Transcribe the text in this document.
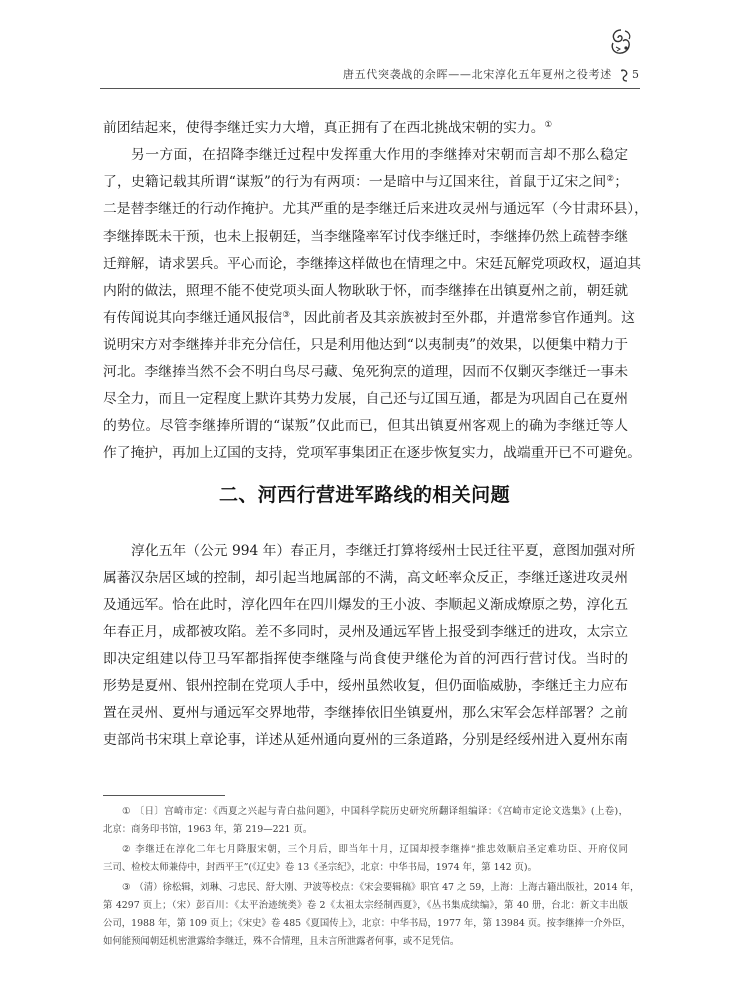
唐五代突袭战的余晖——北宋淳化五年夏州之役考述 5
前团结起来，使得李继迁实力大增，真正拥有了在西北挑战宋朝的实力。①
另一方面，在招降李继迁过程中发挥重大作用的李继捧对宋朝而言却不那么稳定
了，史籍记载其所谓“谋叛”的行为有两项：一是暗中与辽国来往，首鼠于辽宋之间②；
二是替李继迁的行动作掩护。尤其严重的是李继迁后来进攻灵州与通远军（今甘肃环县），
李继捧既未干预，也未上报朝廷，当李继隆率军讨伐李继迁时，李继捧仍然上疏替李继
迁辩解，请求罢兵。平心而论，李继捧这样做也在情理之中。宋廷瓦解党项政权，逼迫其
内附的做法，照理不能不使党项头面人物耿耿于怀，而李继捧在出镇夏州之前，朝廷就
有传闻说其向李继迁通风报信③，因此前者及其亲族被封至外郡，并遣常参官作通判。这
说明宋方对李继捧并非充分信任，只是利用他达到“以夷制夷”的效果，以便集中精力于
河北。李继捧当然不会不明白鸟尽弓藏、兔死狗烹的道理，因而不仅剿灭李继迁一事未
尽全力，而且一定程度上默许其势力发展，自己还与辽国互通，都是为巩固自己在夏州
的势位。尽管李继捧所谓的“谋叛”仅此而已，但其出镇夏州客观上的确为李继迁等人
作了掩护，再加上辽国的支持，党项军事集团正在逐步恢复实力，战端重开已不可避免。
二、河西行营进军路线的相关问题
淳化五年（公元 994 年）春正月，李继迁打算将绥州士民迁往平夏，意图加强对所
属蕃汉杂居区域的控制，却引起当地属部的不满，高文岯率众反正，李继迁遂进攻灵州
及通远军。恰在此时，淳化四年在四川爆发的王小波、李顺起义渐成燎原之势，淳化五
年春正月，成都被攻陷。差不多同时，灵州及通远军皆上报受到李继迁的进攻，太宗立
即决定组建以侍卫马军都指挥使李继隆与尚食使尹继伦为首的河西行营讨伐。当时的
形势是夏州、银州控制在党项人手中，绥州虽然收复，但仍面临威胁，李继迁主力应布
置在灵州、夏州与通远军交界地带，李继捧依旧坐镇夏州，那么宋军会怎样部署？之前
吏部尚书宋琪上章论事，详述从延州通向夏州的三条道路，分别是经绥州进入夏州东南
① 〔日〕宫崎市定：《西夏之兴起与青白盐问题》，中国科学院历史研究所翻译组编译：《宫崎市定论文选集》(上卷)，
北京：商务印书馆，1963 年，第 219—221 页。
② 李继迁在淳化二年七月降服宋朝，三个月后，即当年十月，辽国却授李继捧“推忠效顺启圣定难功臣、开府仪同
三司、检校太师兼侍中，封西平王”(《辽史》卷 13《圣宗纪》，北京：中华书局，1974 年，第 142 页)。
③ （清）徐松辑，刘琳、刁忠民、舒大刚、尹波等校点：《宋会要辑稿》职官 47 之 59，上海：上海古籍出版社，2014 年，
第 4297 页上；（宋）彭百川：《太平治迹统类》卷 2《太祖太宗经制西夏》，《丛书集成续编》，第 40 册，台北：新文丰出版
公司，1988 年，第 109 页上；《宋史》卷 485《夏国传上》，北京：中华书局，1977 年，第 13984 页。按李继捧一介外臣，
如何能预闻朝廷机密泄露给李继迁，殊不合情理，且未言所泄露者何事，或不足凭信。
